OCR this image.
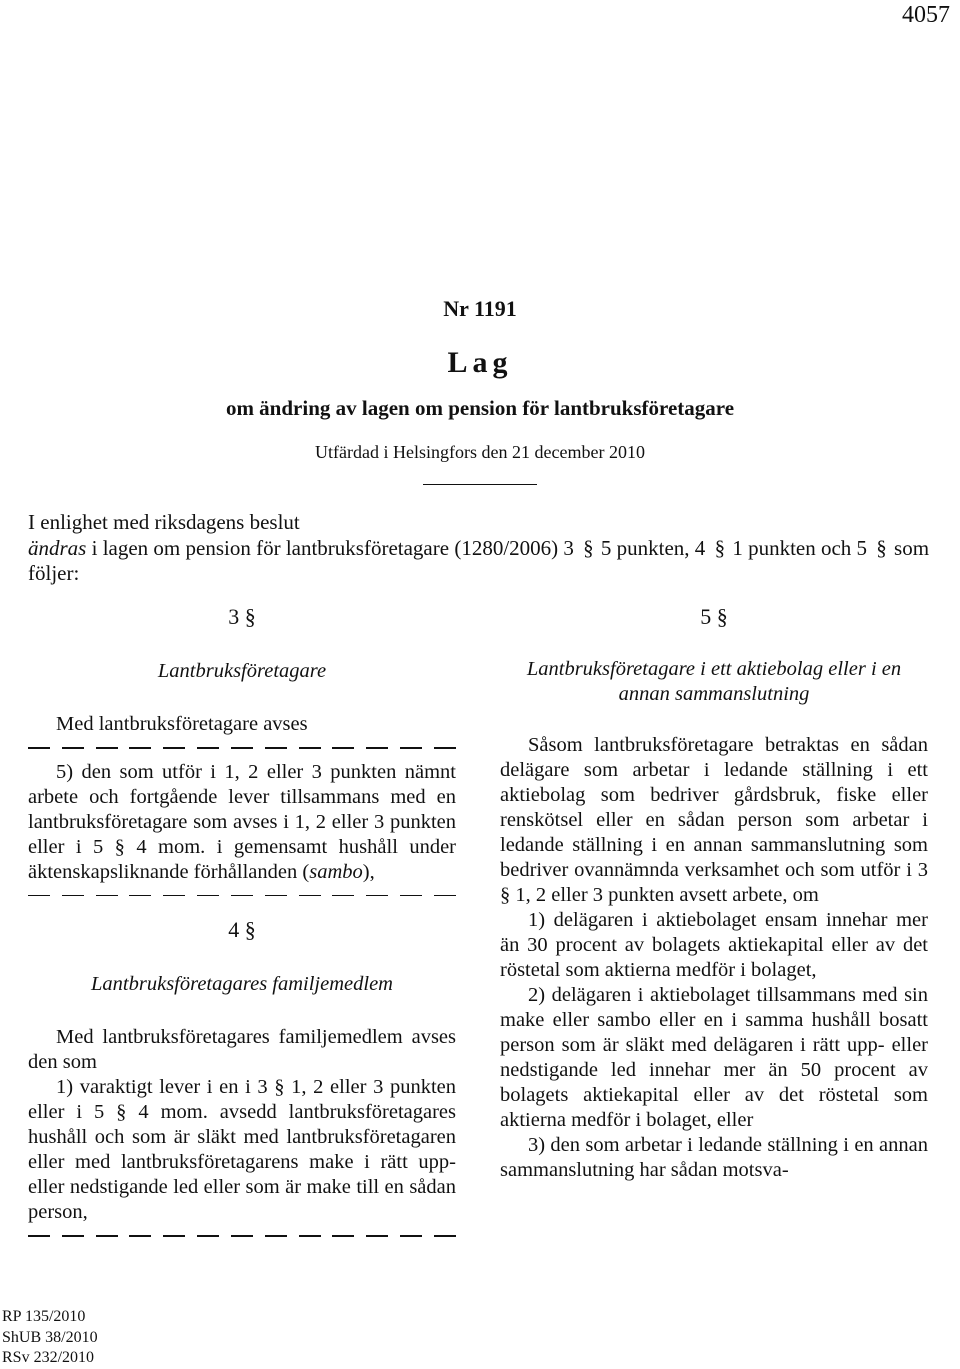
4057
Nr 1191
Lag
om ändring av lagen om pension för lantbruksföretagare
Utfärdad i Helsingfors den 21 december 2010
I enlighet med riksdagens beslut
ändras i lagen om pension för lantbruksföretagare (1280/2006) 3 § 5 punkten, 4 § 1 punkten och 5 § som följer:
3 §
Lantbruksföretagare

Med lantbruksföretagare avses

5) den som utför i 1, 2 eller 3 punkten nämnt arbete och fortgående lever tillsammans med en lantbruksföretagare som avses i 1, 2 eller 3 punkten eller i 5 § 4 mom. i gemensamt hushåll under äktenskapsliknande förhållanden (sambo),

4 §
Lantbruksföretagares familjemedlem

Med lantbruksföretagares familjemedlem avses den som

1) varaktigt lever i en i 3 § 1, 2 eller 3 punkten eller i 5 § 4 mom. avsedd lantbruksföretagares hushåll och som är släkt med lantbruksföretagaren eller med lantbruksföretagarens make i rätt upp- eller nedstigande led eller som är make till en sådan person,

5 §
Lantbruksföretagare i ett aktiebolag eller i en annan sammanslutning

Såsom lantbruksföretagare betraktas en sådan delägare som arbetar i ledande ställning i ett aktiebolag som bedriver gårdsbruk, fiske eller renskötsel eller en sådan person som arbetar i ledande ställning i en annan sammanslutning som bedriver ovannämnda verksamhet och som utför i 3 § 1, 2 eller 3 punkten avsett arbete, om

1) delägaren i aktiebolaget ensam innehar mer än 30 procent av bolagets aktiekapital eller av det röstetal som aktierna medför i bolaget,

2) delägaren i aktiebolaget tillsammans med sin make eller sambo eller en i samma hushåll bosatt person som är släkt med delägaren i rätt upp- eller nedstigande led innehar mer än 50 procent av bolagets aktiekapital eller av det röstetal som aktierna medför i bolaget, eller

3) den som arbetar i ledande ställning i en annan sammanslutning har sådan motsva-

RP 135/2010
ShUB 38/2010
RSv 232/2010
